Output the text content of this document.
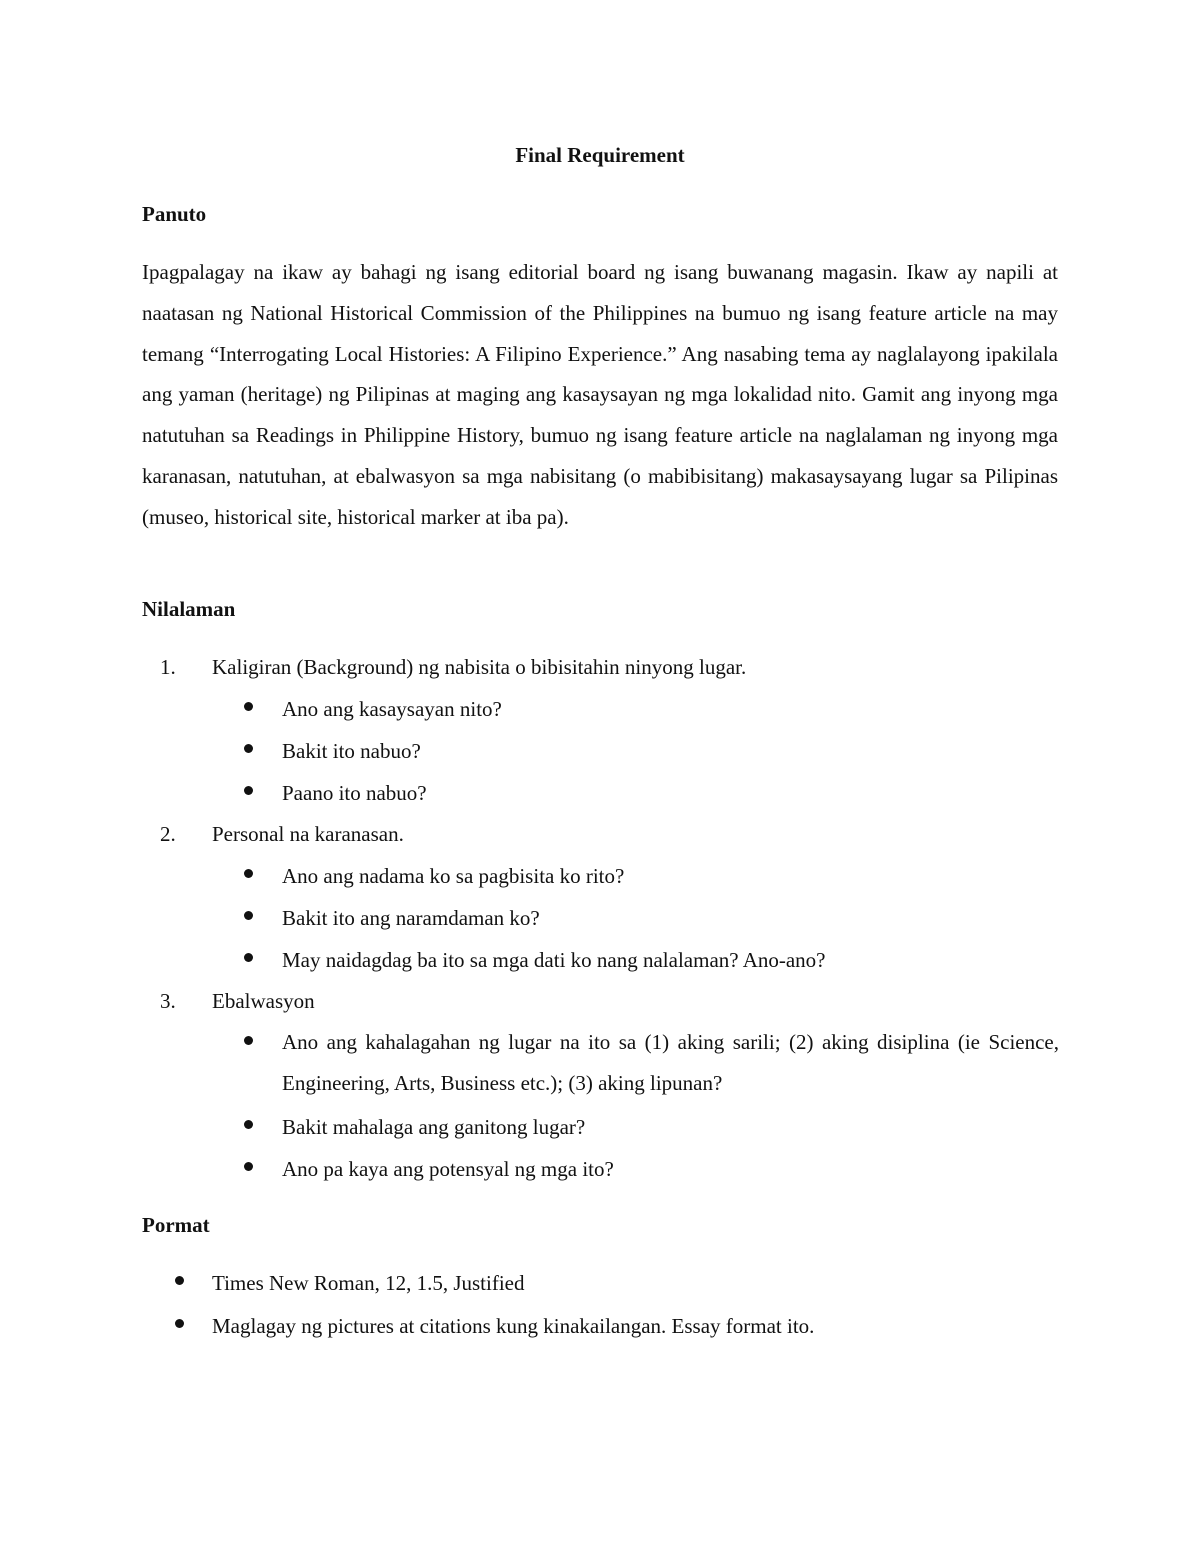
Final Requirement
Panuto

Ipagpalagay na ikaw ay bahagi ng isang editorial board ng isang buwanang magasin. Ikaw ay napili at naatasan ng National Historical Commission of the Philippines na bumuo ng isang feature article na may temang “Interrogating Local Histories: A Filipino Experience.” Ang nasabing tema ay naglalayong ipakilala ang yaman (heritage) ng Pilipinas at maging ang kasaysayan ng mga lokalidad nito. Gamit ang inyong mga natutuhan sa Readings in Philippine History, bumuo ng isang feature article na naglalaman ng inyong mga karanasan, natutuhan, at ebalwasyon sa mga nabisitang (o mabibisitang) makasaysayang lugar sa Pilipinas (museo, historical site, historical marker at iba pa).

Nilalaman
1. Kaligiran (Background) ng nabisita o bibisitahin ninyong lugar.
Ano ang kasaysayan nito?
Bakit ito nabuo?
Paano ito nabuo?
2. Personal na karanasan.
Ano ang nadama ko sa pagbisita ko rito?
Bakit ito ang naramdaman ko?
May naidagdag ba ito sa mga dati ko nang nalalaman? Ano-ano?
3. Ebalwasyon
Ano ang kahalagahan ng lugar na ito sa (1) aking sarili; (2) aking disiplina (ie Science, Engineering, Arts, Business etc.); (3) aking lipunan?
Bakit mahalaga ang ganitong lugar?
Ano pa kaya ang potensyal ng mga ito?
Pormat
Times New Roman, 12, 1.5, Justified
Maglagay ng pictures at citations kung kinakailangan. Essay format ito.
